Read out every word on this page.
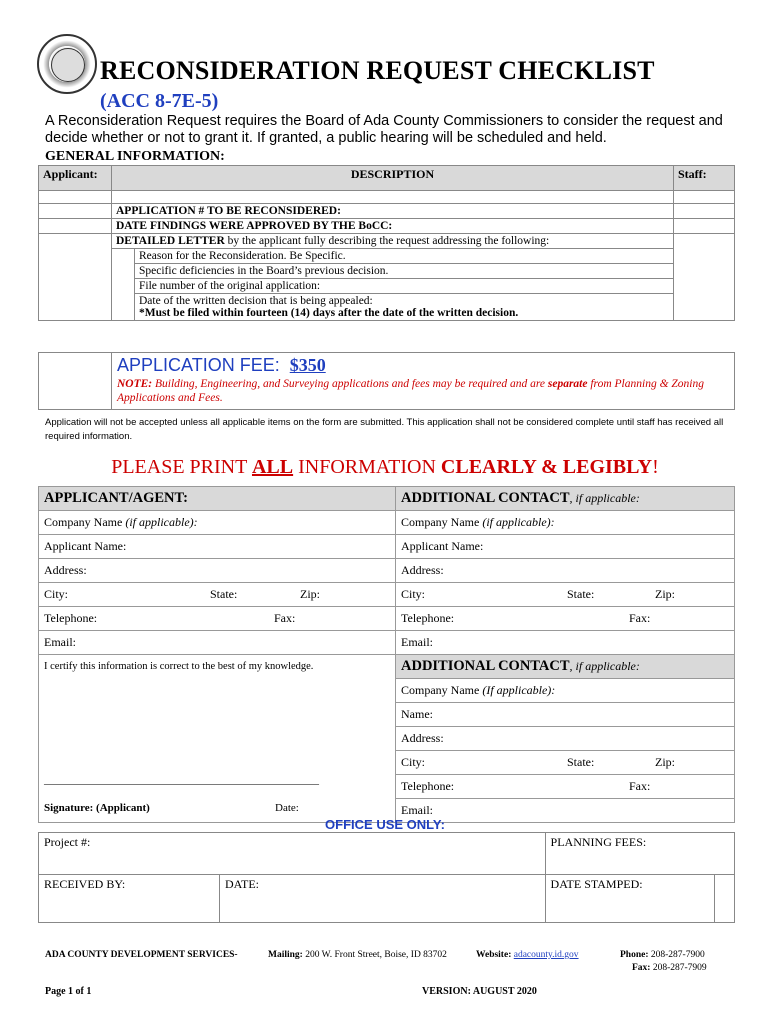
RECONSIDERATION REQUEST CHECKLIST
(ACC 8-7E-5)
A Reconsideration Request requires the Board of Ada County Commissioners to consider the request and decide whether or not to grant it. If granted, a public hearing will be scheduled and held.
GENERAL INFORMATION:
Applicant:	DESCRIPTION		Staff:

	APPLICATION # TO BE RECONSIDERED:		
	DATE FINDINGS WERE APPROVED BY THE BoCC:		
	DETAILED LETTER by the applicant fully describing the request addressing the following:		
		Reason for the Reconsideration. Be Specific.	
		Specific deficiencies in the Board’s previous decision.	
		File number of the original application:	

		Date of the written decision that is being appealed:
*Must be filed within fourteen (14) days after the date of the written decision.	
APPLICATION FEE: $350
NOTE: Building, Engineering, and Surveying applications and fees may be required and are separate from Planning & Zoning Applications and Fees.
Application will not be accepted unless all applicable items on the form are submitted. This application shall not be considered complete until staff has received all required information.
PLEASE PRINT ALL INFORMATION CLEARLY & LEGIBLY!
APPLICANT/AGENT:	ADDITIONAL CONTACT, if applicable:
Company Name (if applicable):	Company Name (if applicable):
Applicant Name:	Applicant Name:
Address:	Address:
City: State: Zip:	City: State: Zip:
Telephone: Fax:	Telephone: Fax:
Email:	Email:

I certify this information is correct to the best of my knowledge.
_______________________________________________________
Signature: (Applicant) Date:	ADDITIONAL CONTACT, if applicable:
	Company Name (If applicable):
	Name:
	Address:
	City: State: Zip:
	Telephone: Fax:
	Email:
OFFICE USE ONLY:
Project #:		PLANNING FEES:	
RECEIVED BY:	DATE:	DATE STAMPED:	
ADA COUNTY DEVELOPMENT SERVICES-	Mailing: 200 W. Front Street, Boise, ID 83702	Website: adacounty.id.gov	Phone: 208-287-7900
Fax: 208-287-7909
Page 1 of 1	VERSION: AUGUST 2020
